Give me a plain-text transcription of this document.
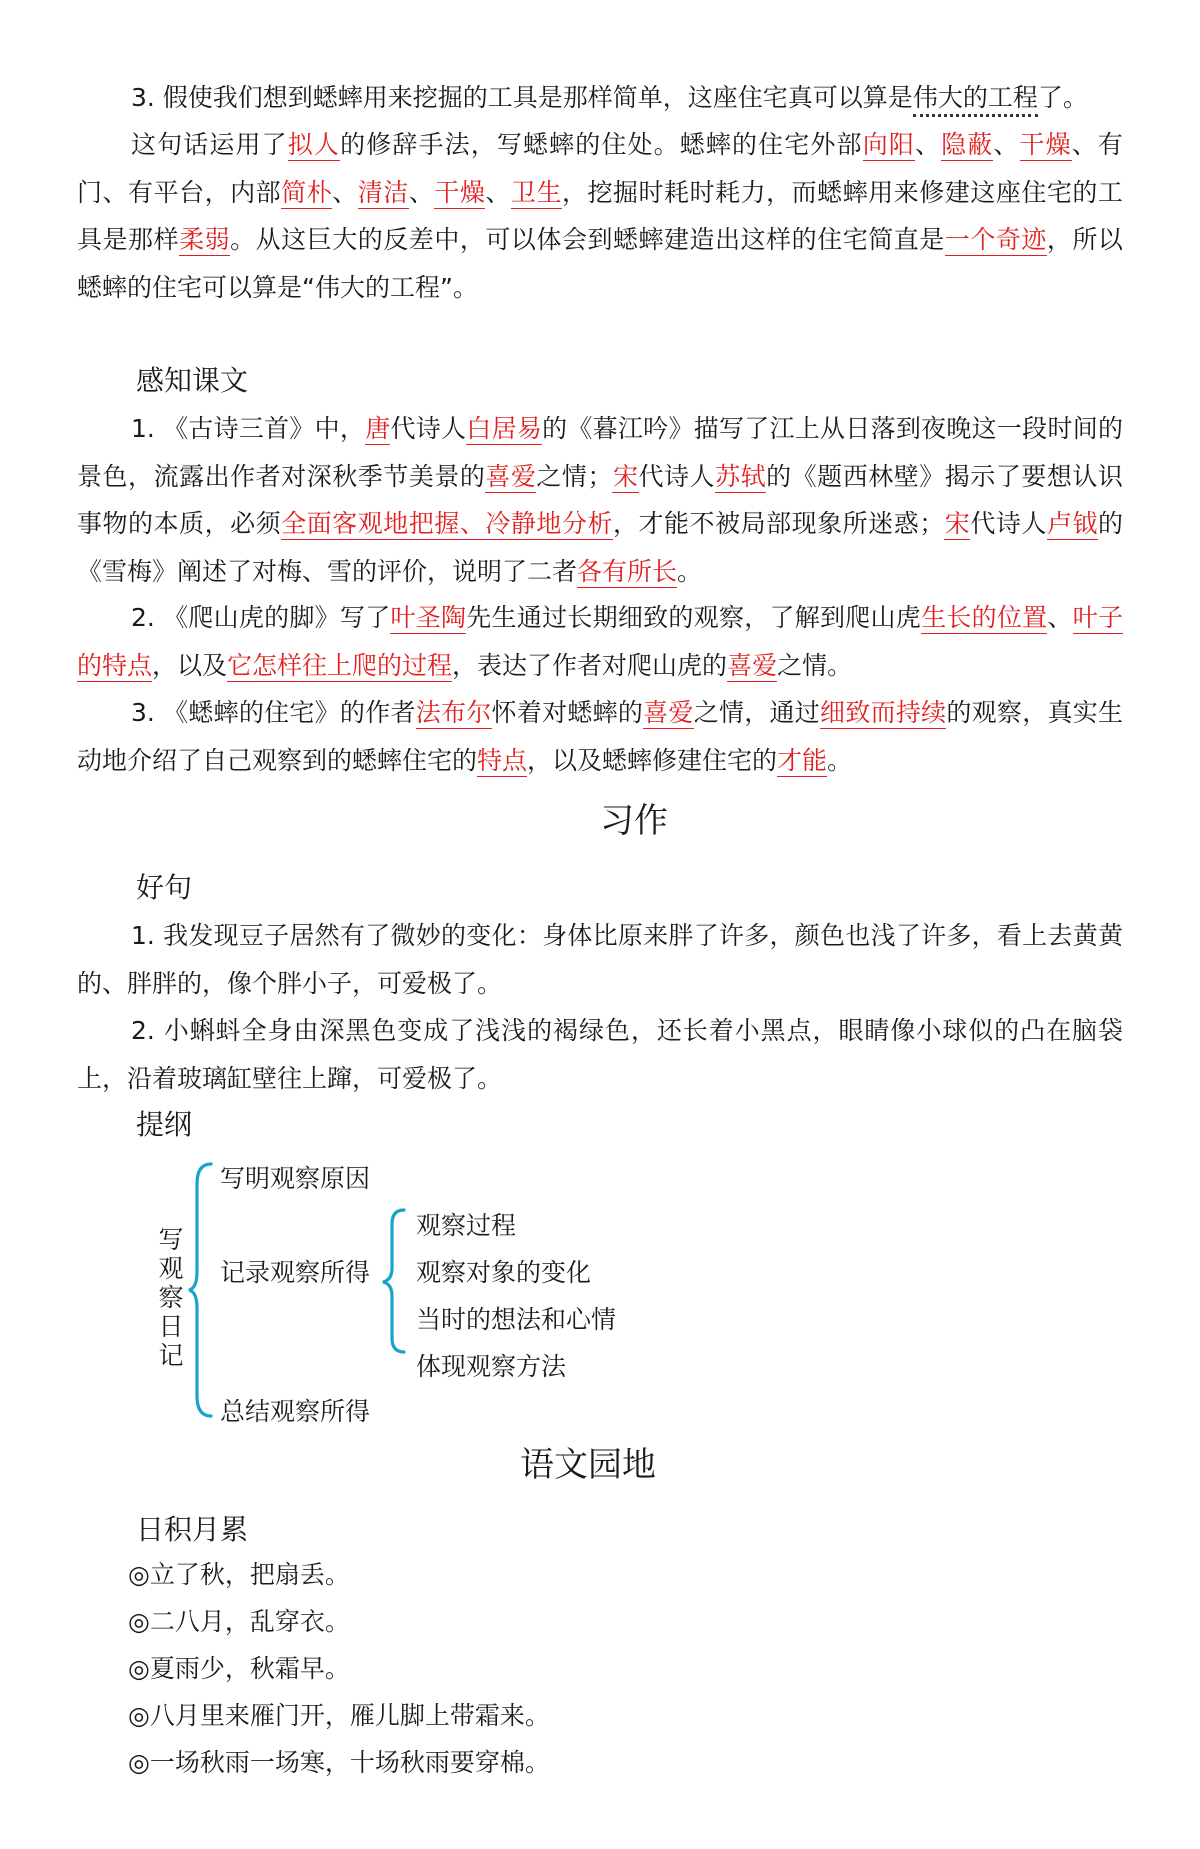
3. 假使我们想到蟋蟀用来挖掘的工具是那样简单，这座住宅真可以算是伟大的工程了。

这句话运用了拟人的修辞手法，写蟋蟀的住处。蟋蟀的住宅外部向阳、隐蔽、干燥、有门、有平台，内部简朴、清洁、干燥、卫生，挖掘时耗时耗力，而蟋蟀用来修建这座住宅的工具是那样柔弱。从这巨大的反差中，可以体会到蟋蟀建造出这样的住宅简直是一个奇迹，所以蟋蟀的住宅可以算是“伟大的工程”。

感知课文

1. 《古诗三首》中，唐代诗人白居易的《暮江吟》描写了江上从日落到夜晚这一段时间的景色，流露出作者对深秋季节美景的喜爱之情；宋代诗人苏轼的《题西林壁》揭示了要想认识事物的本质，必须全面客观地把握、冷静地分析，才能不被局部现象所迷惑；宋代诗人卢钺的《雪梅》阐述了对梅、雪的评价，说明了二者各有所长。

2. 《爬山虎的脚》写了叶圣陶先生通过长期细致的观察，了解到爬山虎生长的位置、叶子的特点，以及它怎样往上爬的过程，表达了作者对爬山虎的喜爱之情。

3. 《蟋蟀的住宅》的作者法布尔怀着对蟋蟀的喜爱之情，通过细致而持续的观察，真实生动地介绍了自己观察到的蟋蟀住宅的特点，以及蟋蟀修建住宅的才能。

习作
好句

1. 我发现豆子居然有了微妙的变化：身体比原来胖了许多，颜色也浅了许多，看上去黄黄的、胖胖的，像个胖小子，可爱极了。

2. 小蝌蚪全身由深黑色变成了浅浅的褐绿色，还长着小黑点，眼睛像小球似的凸在脑袋上，沿着玻璃缸壁往上蹿，可爱极了。

提纲
写
观
察
日
记
写明观察原因
记录观察所得
总结观察所得
观察过程
观察对象的变化
当时的想法和心情
体现观察方法
语文园地
日积月累
◎立了秋，把扇丢。
◎二八月，乱穿衣。
◎夏雨少，秋霜早。
◎八月里来雁门开，雁儿脚上带霜来。
◎一场秋雨一场寒，十场秋雨要穿棉。
